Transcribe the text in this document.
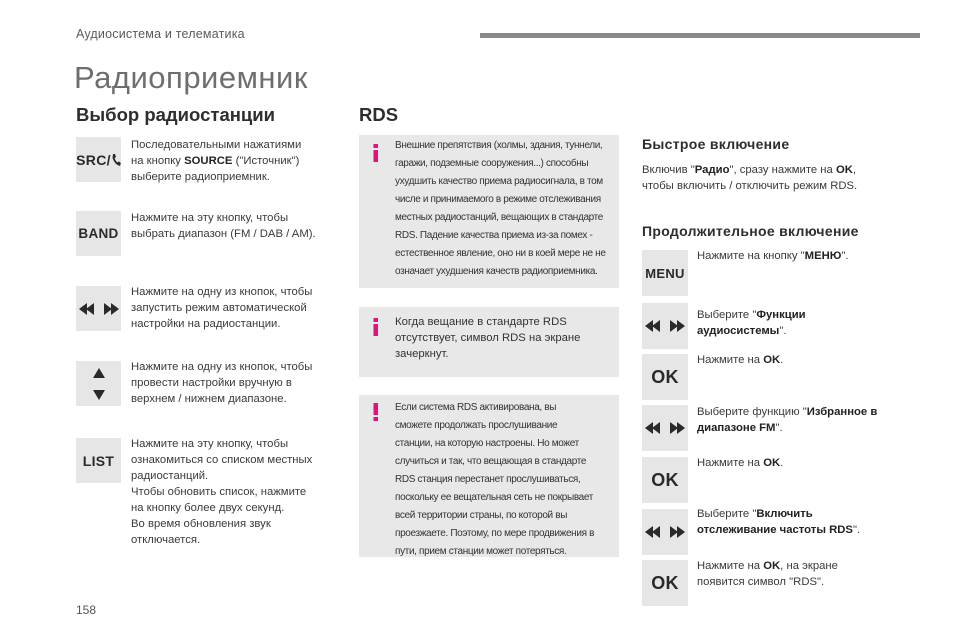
Аудиосистема и телематика
Радиоприемник
Выбор радиостанции
SRC/
Последовательными нажатиями
на кнопку SOURCE ("Источник")
выберите радиоприемник.
BAND
Нажмите на эту кнопку, чтобы
выбрать диапазон (FM / DAB / AM).
Нажмите на одну из кнопок, чтобы
запустить режим автоматической
настройки на радиостанции.
Нажмите на одну из кнопок, чтобы
провести настройки вручную в
верхнем / нижнем диапазоне.
LIST
Нажмите на эту кнопку, чтобы
ознакомиться со списком местных
радиостанций.
Чтобы обновить список, нажмите
на кнопку более двух секунд.
Во время обновления звук
отключается.
RDS
Внешние препятствия (холмы, здания, туннели,
гаражи, подземные сооружения...) способны
ухудшить качество приема радиосигнала, в том
числе и принимаемого в режиме отслеживания
местных радиостанций, вещающих в стандарте
RDS. Падение качества приема из-за помех -
естественное явление, оно ни в коей мере не не
означает ухудшения качеств радиоприемника.
Когда вещание в стандарте RDS
отсутствует, символ RDS на экране
зачеркнут.
Если система RDS активирована, вы
сможете продолжать прослушивание
станции, на которую настроены. Но может
случиться и так, что вещающая в стандарте
RDS станция перестанет прослушиваться,
поскольку ее вещательная сеть не покрывает
всей территории страны, по которой вы
проезжаете. Поэтому, по мере продвижения в
пути, прием станции может потеряться.
Быстрое включение
Включив "Радио", сразу нажмите на OK,
чтобы включить / отключить режим RDS.
Продолжительное включение
MENU
Нажмите на кнопку "МЕНЮ".
Выберите "Функции
аудиосистемы".
OK
Нажмите на OK.
Выберите функцию "Избранное в
диапазоне FM".
OK
Нажмите на OK.
Выберите "Включить
отслеживание частоты RDS".
OK
Нажмите на OK, на экране
появится символ "RDS".
158
